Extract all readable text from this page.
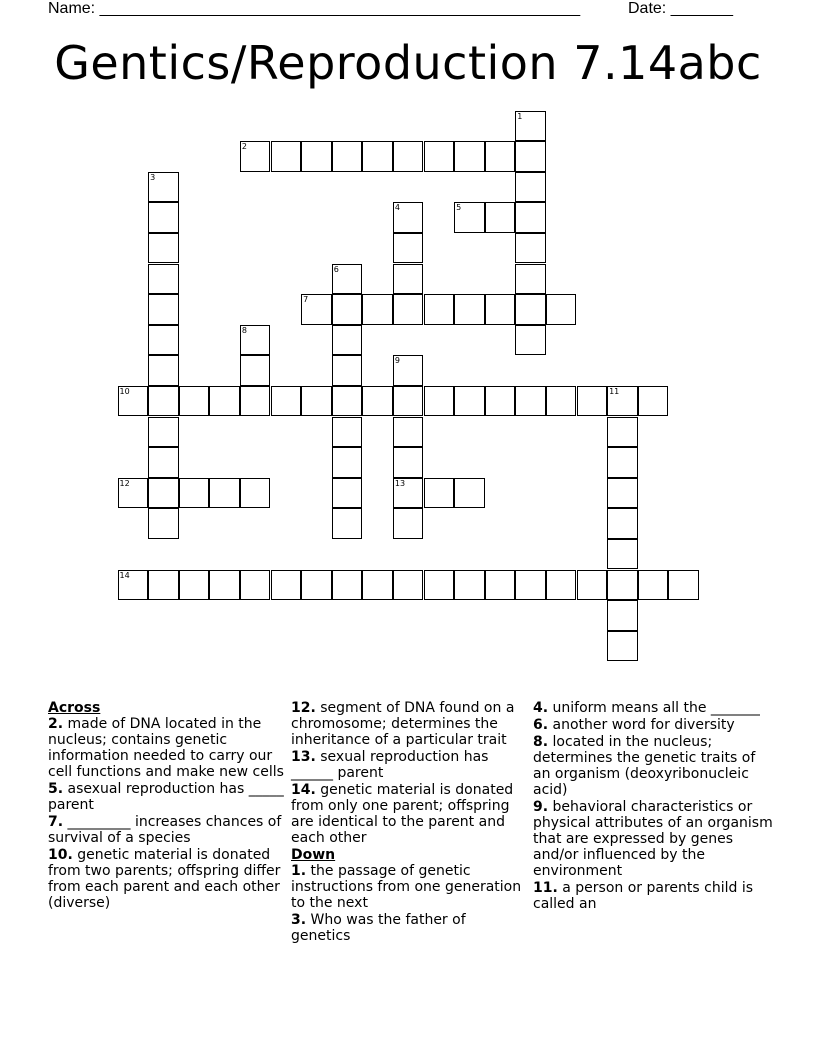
Name: ______________________________________________________	Date: _______
Gentics/Reproduction 7.14abc
1
2
3
4	5
6
7
8
9
10	11
12	13
14

Across

2. made of DNA located in the nucleus; contains genetic information needed to carry our cell functions and make new cells

5. asexual reproduction has _____ parent

7. _________ increases chances of survival of a species

10. genetic material is donated from two parents; offspring differ from each parent and each other (diverse)

12. segment of DNA found on a chromosome; determines the inheritance of a particular trait

13. sexual reproduction has ______ parent

14. genetic material is donated from only one parent; offspring are identical to the parent and each other

Down

1. the passage of genetic instructions from one generation to the next

3. Who was the father of genetics

4. uniform means all the _______

6. another word for diversity

8. located in the nucleus; determines the genetic traits of an organism (deoxyribonucleic acid)

9. behavioral characteristics or physical attributes of an organism that are expressed by genes and/or influenced by the environment

11. a person or parents child is called an
